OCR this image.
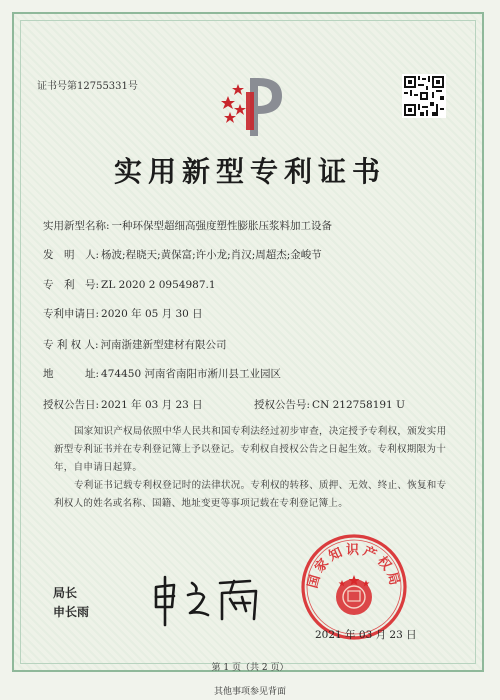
证书号第12755331号
实用新型专利证书
实用新型名称: 一种环保型超细高强度塑性膨胀压浆料加工设备
发　明　人: 杨波;程晓天;黄保富;许小龙;肖汉;周超杰;金峻节
专　利　号: ZL 2020 2 0954987.1
专利申请日: 2020 年 05 月 30 日
专 利 权 人: 河南浙建新型建材有限公司
地　　　址: 474450 河南省南阳市淅川县工业园区
授权公告日: 2021 年 03 月 23 日	授权公告号: CN 212758191 U
国家知识产权局依照中华人民共和国专利法经过初步审查，决定授予专利权，颁发实用新型专利证书并在专利登记簿上予以登记。专利权自授权公告之日起生效。专利权期限为十年，自申请日起算。
专利证书记载专利权登记时的法律状况。专利权的转移、质押、无效、终止、恢复和专利权人的姓名或名称、国籍、地址变更等事项记载在专利登记簿上。
局长
申长雨
国家知识产权局
2021 年 03 月 23 日
第 1 页（共 2 页）
其他事项参见背面
